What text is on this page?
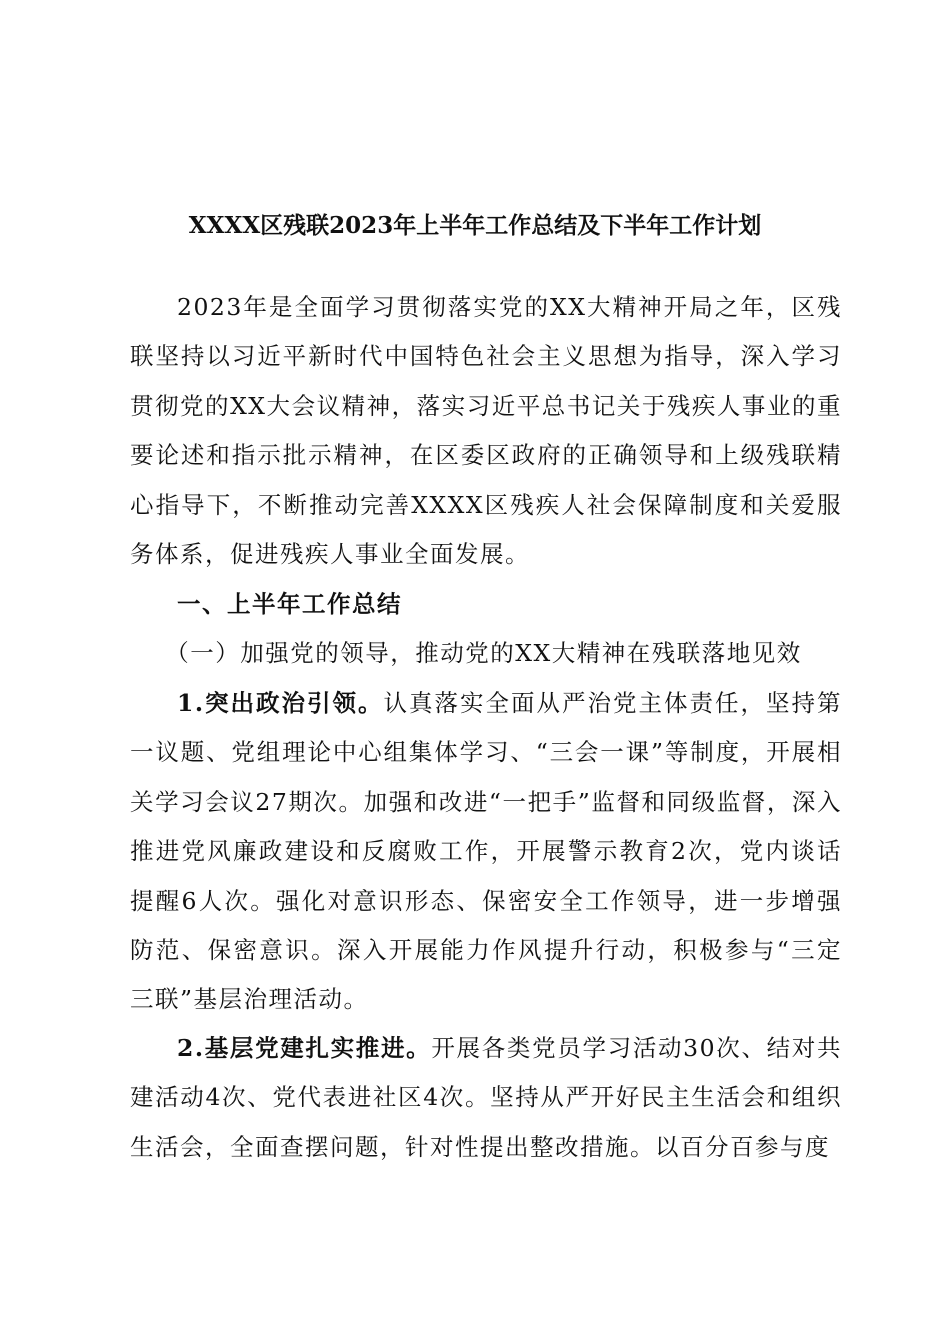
XXXX区残联2023年上半年工作总结及下半年工作计划
2023年是全面学习贯彻落实党的XX大精神开局之年，区残联坚持以习近平新时代中国特色社会主义思想为指导，深入学习贯彻党的XX大会议精神，落实习近平总书记关于残疾人事业的重要论述和指示批示精神，在区委区政府的正确领导和上级残联精心指导下，不断推动完善XXXX区残疾人社会保障制度和关爱服务体系，促进残疾人事业全面发展。
一、上半年工作总结
（一）加强党的领导，推动党的XX大精神在残联落地见效
1.突出政治引领。认真落实全面从严治党主体责任，坚持第一议题、党组理论中心组集体学习、“三会一课”等制度，开展相关学习会议27期次。加强和改进“一把手”监督和同级监督，深入推进党风廉政建设和反腐败工作，开展警示教育2次，党内谈话提醒6人次。强化对意识形态、保密安全工作领导，进一步增强防范、保密意识。深入开展能力作风提升行动，积极参与“三定三联”基层治理活动。
2.基层党建扎实推进。开展各类党员学习活动30次、结对共建活动4次、党代表进社区4次。坚持从严开好民主生活会和组织生活会，全面查摆问题，针对性提出整改措施。以百分百参与度
